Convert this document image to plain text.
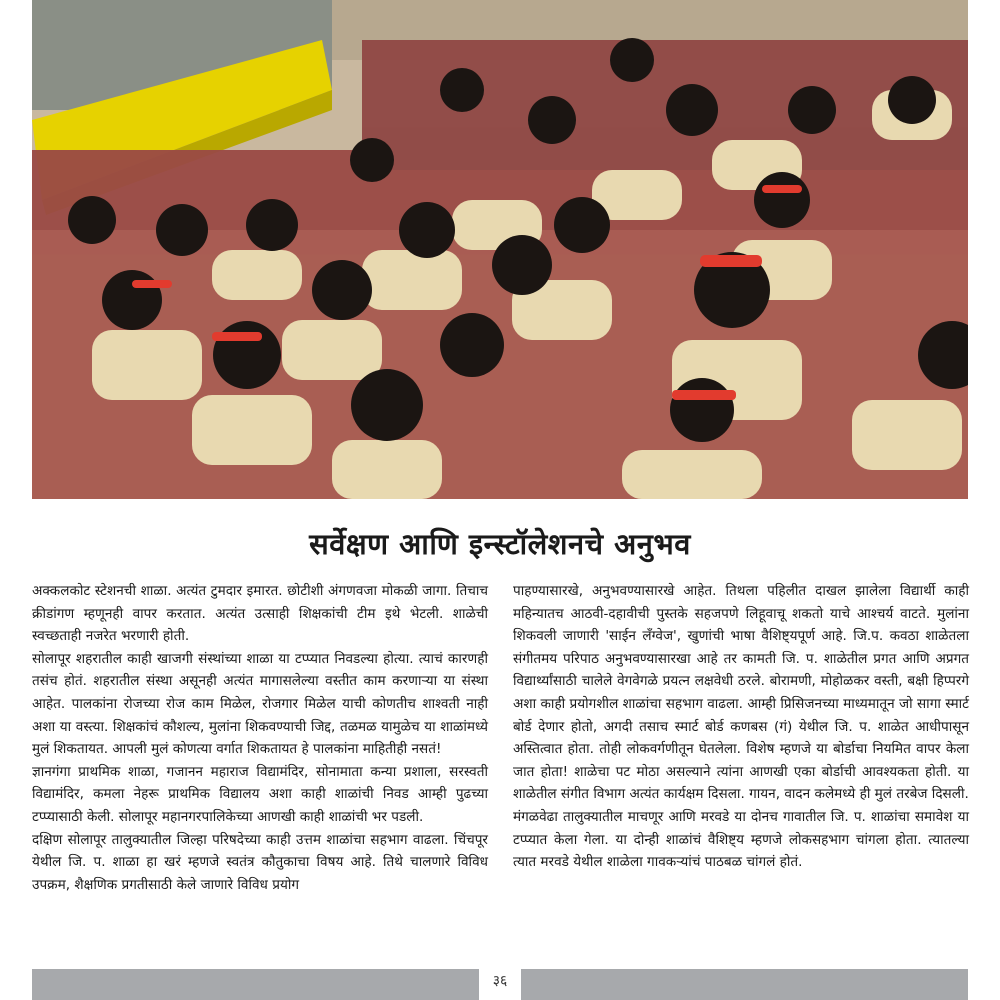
सर्वेक्षण आणि इन्स्टॉलेशनचे अनुभव

अक्कलकोट स्टेशनची शाळा. अत्यंत टुमदार इमारत. छोटीशी अंगणवजा मोकळी जागा. तिचाच क्रीडांगण म्हणूनही वापर करतात. अत्यंत उत्साही शिक्षकांची टीम इथे भेटली. शाळेची स्वच्छताही नजरेत भरणारी होती.

सोलापूर शहरातील काही खाजगी संस्थांच्या शाळा या टप्प्यात निवडल्या होत्या. त्याचं कारणही तसंच होतं. शहरातील संस्था असूनही अत्यंत मागासलेल्या वस्तीत काम करणाऱ्या या संस्था आहेत. पालकांना रोजच्या रोज काम मिळेल, रोजगार मिळेल याची कोणतीच शाश्वती नाही अशा या वस्त्या. शिक्षकांचं कौशल्य, मुलांना शिकवण्याची जिद्द, तळमळ यामुळेच या शाळांमध्ये मुलं शिकतायत. आपली मुलं कोणत्या वर्गात शिकतायत हे पालकांना माहितीही नसतं!

ज्ञानगंगा प्राथमिक शाळा, गजानन महाराज विद्यामंदिर, सोनामाता कन्या प्रशाला, सरस्वती विद्यामंदिर, कमला नेहरू प्राथमिक विद्यालय अशा काही शाळांची निवड आम्ही पुढच्या टप्प्यासाठी केली. सोलापूर महानगरपालिकेच्या आणखी काही शाळांची भर पडली.

दक्षिण सोलापूर तालुक्यातील जिल्हा परिषदेच्या काही उत्तम शाळांचा सहभाग वाढला. चिंचपूर येथील जि. प. शाळा हा खरं म्हणजे स्वतंत्र कौतुकाचा विषय आहे. तिथे चालणारे विविध उपक्रम, शैक्षणिक प्रगतीसाठी केले जाणारे विविध प्रयोग

पाहण्यासारखे, अनुभवण्यासारखे आहेत. तिथला पहिलीत दाखल झालेला विद्यार्थी काही महिन्यातच आठवी-दहावीची पुस्तके सहजपणे लिहूवाचू शकतो याचे आश्चर्य वाटते. मुलांना शिकवली जाणारी 'साईन लँग्वेज', खुणांची भाषा वैशिष्ट्यपूर्ण आहे. जि.प. कवठा शाळेतला संगीतमय परिपाठ अनुभवण्यासारखा आहे तर कामती जि. प. शाळेतील प्रगत आणि अप्रगत विद्यार्थ्यांसाठी चालेले वेगवेगळे प्रयत्न लक्षवेधी ठरले. बोरामणी, मोहोळकर वस्ती, बक्षी हिप्परगे अशा काही प्रयोगशील शाळांचा सहभाग वाढला. आम्ही प्रिसिजनच्या माध्यमातून जो सागा स्मार्ट बोर्ड देणार होतो, अगदी तसाच स्मार्ट बोर्ड कणबस (गं) येथील जि. प. शाळेत आधीपासून अस्तित्वात होता. तोही लोकवर्गणीतून घेतलेला. विशेष म्हणजे या बोर्डाचा नियमित वापर केला जात होता! शाळेचा पट मोठा असल्याने त्यांना आणखी एका बोर्डाची आवश्यकता होती. या शाळेतील संगीत विभाग अत्यंत कार्यक्षम दिसला. गायन, वादन कलेमध्ये ही मुलं तरबेज दिसली.

मंगळवेढा तालुक्यातील माचणूर आणि मरवडे या दोनच गावातील जि. प. शाळांचा समावेश या टप्प्यात केला गेला. या दोन्ही शाळांचं वैशिष्ट्य म्हणजे लोकसहभाग चांगला होता. त्यातल्या त्यात मरवडे येथील शाळेला गावकऱ्यांचं पाठबळ चांगलं होतं.

३६
